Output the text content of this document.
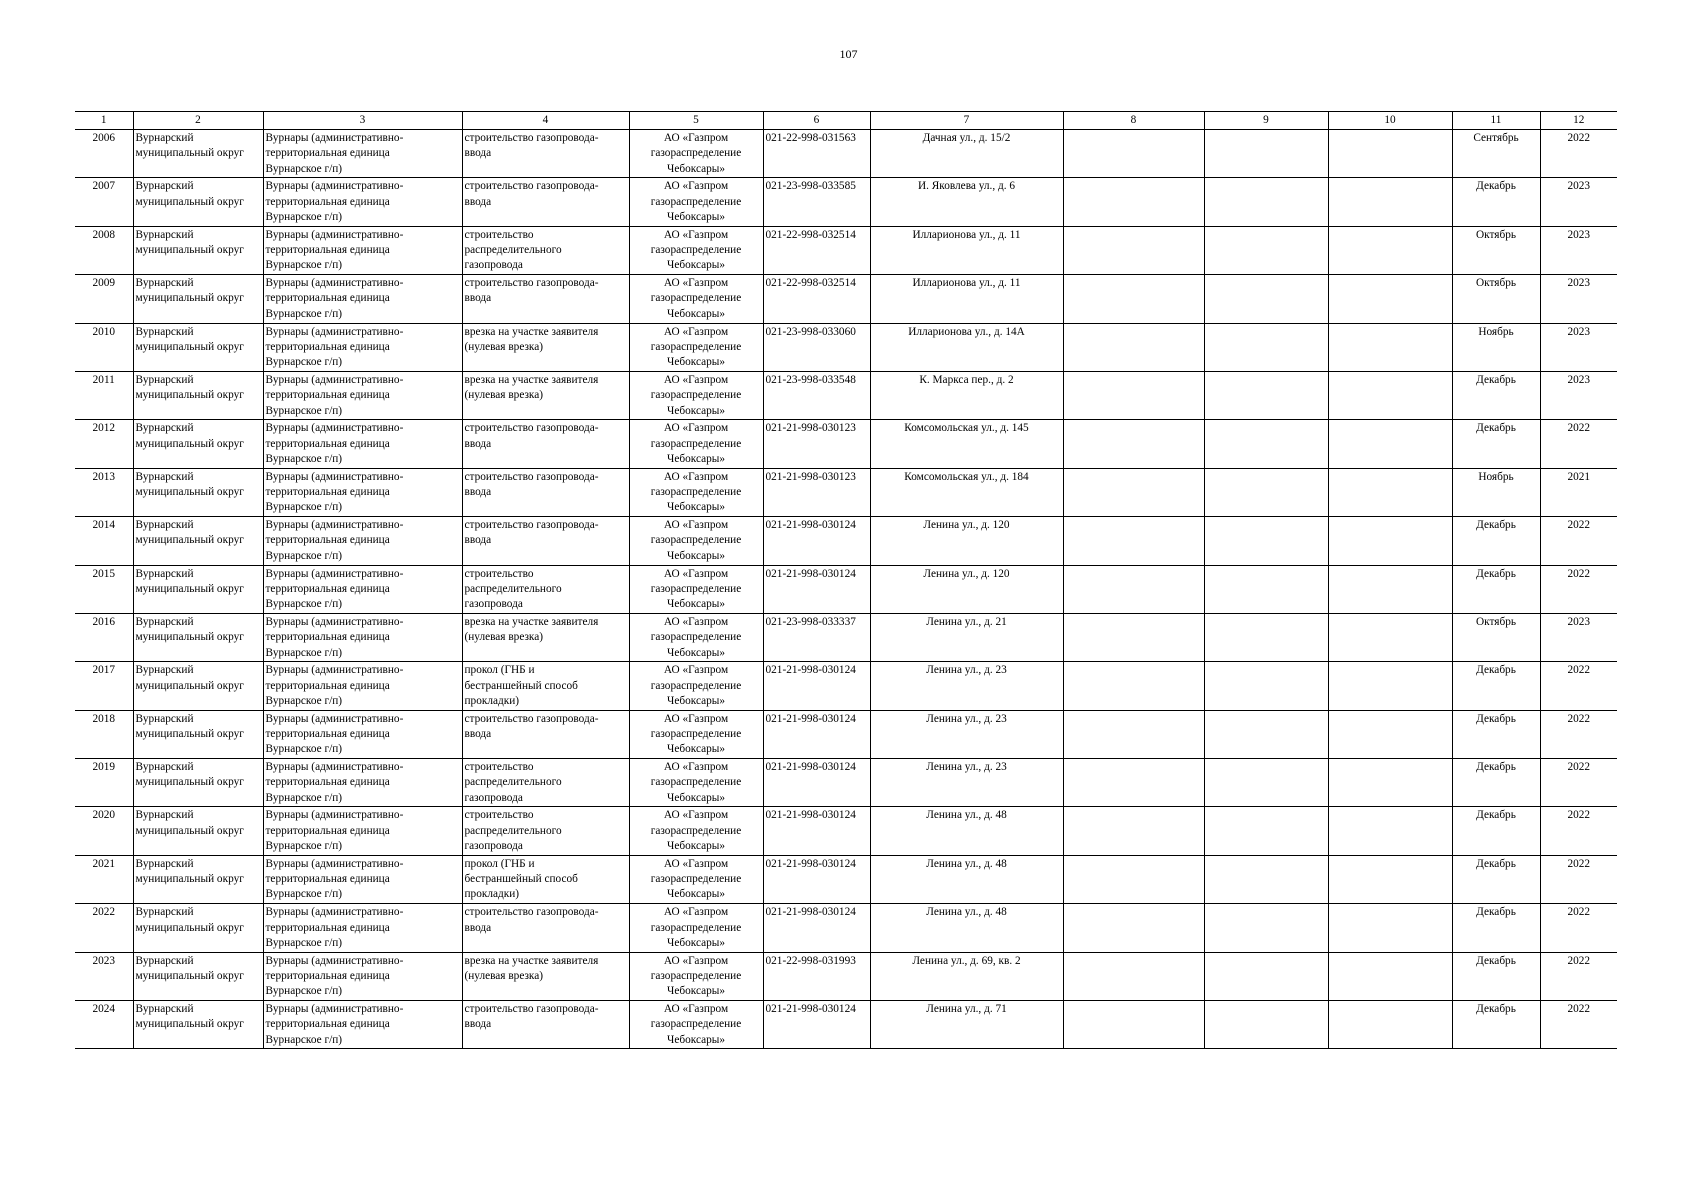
107
1	2	3	4	5	6	7	8	9	10	11	12
2006	Вурнарский
муниципальный округ	Вурнары (административно-
территориальная единица
Вурнарское г/п)	строительство газопровода-
ввода	АО «Газпром
газораспределение
Чебоксары»	021-22-998-031563	Дачная ул., д. 15/2				Сентябрь	2022
2007	Вурнарский
муниципальный округ	Вурнары (административно-
территориальная единица
Вурнарское г/п)	строительство газопровода-
ввода	АО «Газпром
газораспределение
Чебоксары»	021-23-998-033585	И. Яковлева ул., д. 6				Декабрь	2023
2008	Вурнарский
муниципальный округ	Вурнары (административно-
территориальная единица
Вурнарское г/п)	строительство
распределительного
газопровода	АО «Газпром
газораспределение
Чебоксары»	021-22-998-032514	Илларионова ул., д. 11				Октябрь	2023
2009	Вурнарский
муниципальный округ	Вурнары (административно-
территориальная единица
Вурнарское г/п)	строительство газопровода-
ввода	АО «Газпром
газораспределение
Чебоксары»	021-22-998-032514	Илларионова ул., д. 11				Октябрь	2023
2010	Вурнарский
муниципальный округ	Вурнары (административно-
территориальная единица
Вурнарское г/п)	врезка на участке заявителя
(нулевая врезка)	АО «Газпром
газораспределение
Чебоксары»	021-23-998-033060	Илларионова ул., д. 14А				Ноябрь	2023
2011	Вурнарский
муниципальный округ	Вурнары (административно-
территориальная единица
Вурнарское г/п)	врезка на участке заявителя
(нулевая врезка)	АО «Газпром
газораспределение
Чебоксары»	021-23-998-033548	К. Маркса пер., д. 2				Декабрь	2023
2012	Вурнарский
муниципальный округ	Вурнары (административно-
территориальная единица
Вурнарское г/п)	строительство газопровода-
ввода	АО «Газпром
газораспределение
Чебоксары»	021-21-998-030123	Комсомольская ул., д. 145				Декабрь	2022
2013	Вурнарский
муниципальный округ	Вурнары (административно-
территориальная единица
Вурнарское г/п)	строительство газопровода-
ввода	АО «Газпром
газораспределение
Чебоксары»	021-21-998-030123	Комсомольская ул., д. 184				Ноябрь	2021
2014	Вурнарский
муниципальный округ	Вурнары (административно-
территориальная единица
Вурнарское г/п)	строительство газопровода-
ввода	АО «Газпром
газораспределение
Чебоксары»	021-21-998-030124	Ленина ул., д. 120				Декабрь	2022
2015	Вурнарский
муниципальный округ	Вурнары (административно-
территориальная единица
Вурнарское г/п)	строительство
распределительного
газопровода	АО «Газпром
газораспределение
Чебоксары»	021-21-998-030124	Ленина ул., д. 120				Декабрь	2022
2016	Вурнарский
муниципальный округ	Вурнары (административно-
территориальная единица
Вурнарское г/п)	врезка на участке заявителя
(нулевая врезка)	АО «Газпром
газораспределение
Чебоксары»	021-23-998-033337	Ленина ул., д. 21				Октябрь	2023
2017	Вурнарский
муниципальный округ	Вурнары (административно-
территориальная единица
Вурнарское г/п)	прокол (ГНБ и
бестраншейный способ
прокладки)	АО «Газпром
газораспределение
Чебоксары»	021-21-998-030124	Ленина ул., д. 23				Декабрь	2022
2018	Вурнарский
муниципальный округ	Вурнары (административно-
территориальная единица
Вурнарское г/п)	строительство газопровода-
ввода	АО «Газпром
газораспределение
Чебоксары»	021-21-998-030124	Ленина ул., д. 23				Декабрь	2022
2019	Вурнарский
муниципальный округ	Вурнары (административно-
территориальная единица
Вурнарское г/п)	строительство
распределительного
газопровода	АО «Газпром
газораспределение
Чебоксары»	021-21-998-030124	Ленина ул., д. 23				Декабрь	2022
2020	Вурнарский
муниципальный округ	Вурнары (административно-
территориальная единица
Вурнарское г/п)	строительство
распределительного
газопровода	АО «Газпром
газораспределение
Чебоксары»	021-21-998-030124	Ленина ул., д. 48				Декабрь	2022
2021	Вурнарский
муниципальный округ	Вурнары (административно-
территориальная единица
Вурнарское г/п)	прокол (ГНБ и
бестраншейный способ
прокладки)	АО «Газпром
газораспределение
Чебоксары»	021-21-998-030124	Ленина ул., д. 48				Декабрь	2022
2022	Вурнарский
муниципальный округ	Вурнары (административно-
территориальная единица
Вурнарское г/п)	строительство газопровода-
ввода	АО «Газпром
газораспределение
Чебоксары»	021-21-998-030124	Ленина ул., д. 48				Декабрь	2022
2023	Вурнарский
муниципальный округ	Вурнары (административно-
территориальная единица
Вурнарское г/п)	врезка на участке заявителя
(нулевая врезка)	АО «Газпром
газораспределение
Чебоксары»	021-22-998-031993	Ленина ул., д. 69, кв. 2				Декабрь	2022
2024	Вурнарский
муниципальный округ	Вурнары (административно-
территориальная единица
Вурнарское г/п)	строительство газопровода-
ввода	АО «Газпром
газораспределение
Чебоксары»	021-21-998-030124	Ленина ул., д. 71				Декабрь	2022
